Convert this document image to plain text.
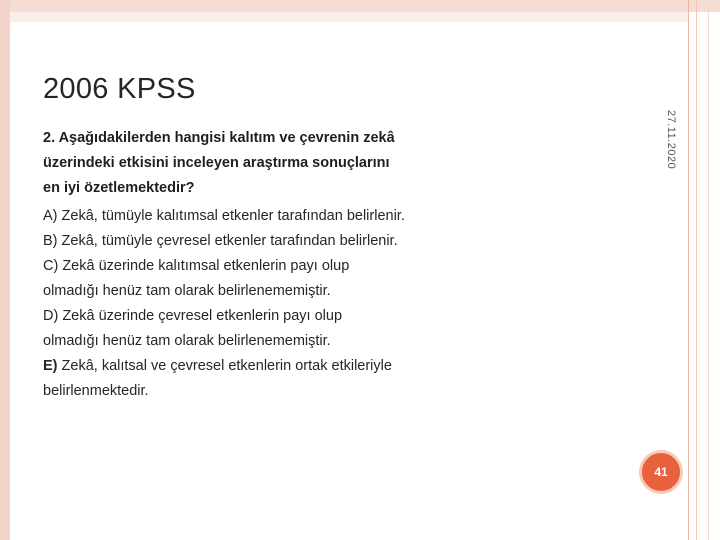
2006 KPSS
27.11.2020
2. Aşağıdakilerden hangisi kalıtım ve çevrenin zekâ
üzerindeki etkisini inceleyen araştırma sonuçlarını
en iyi özetlemektedir?
A) Zekâ, tümüyle kalıtımsal etkenler tarafından belirlenir.
B) Zekâ, tümüyle çevresel etkenler tarafından belirlenir.
C) Zekâ üzerinde kalıtımsal etkenlerin payı olup
olmadığı henüz tam olarak belirlenememiştir.
D) Zekâ üzerinde çevresel etkenlerin payı olup
olmadığı henüz tam olarak belirlenememiştir.
E) Zekâ, kalıtsal ve çevresel etkenlerin ortak etkileriyle
belirlenmektedir.
41
